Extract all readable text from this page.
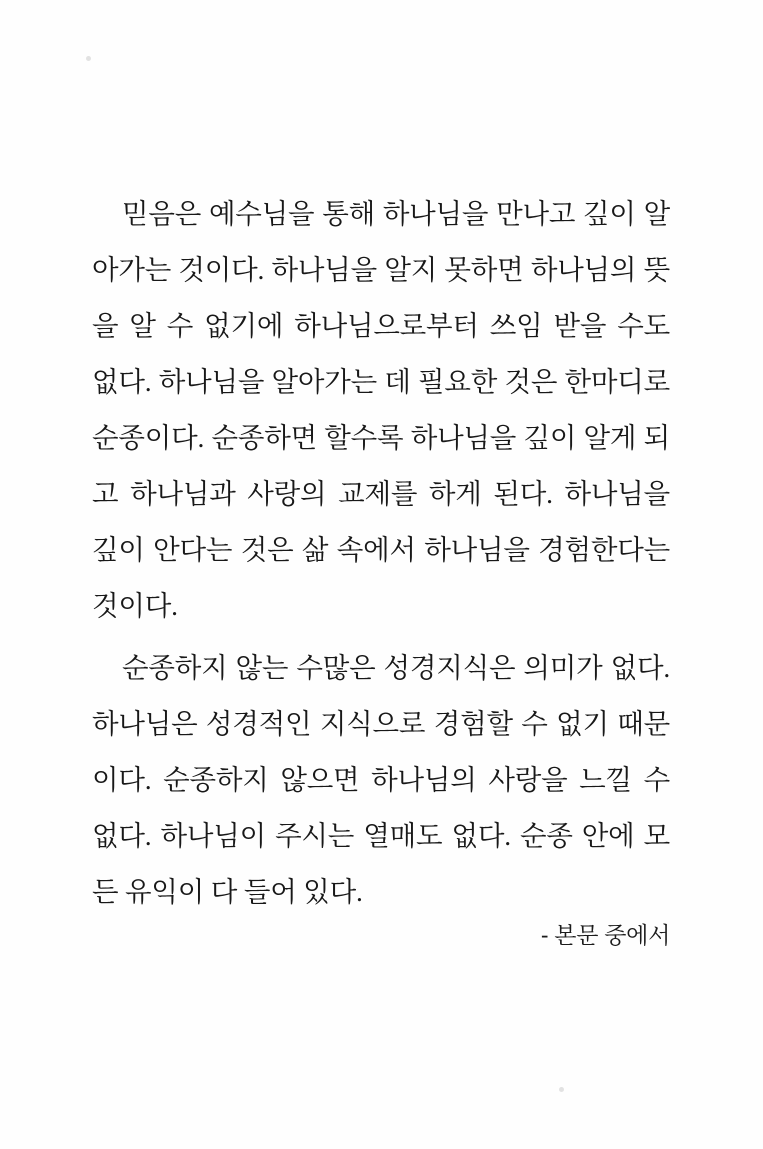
믿음은 예수님을 통해 하나님을 만나고 깊이 알아가는 것이다. 하나님을 알지 못하면 하나님의 뜻을 알 수 없기에 하나님으로부터 쓰임 받을 수도 없다. 하나님을 알아가는 데 필요한 것은 한마디로 순종이다. 순종하면 할수록 하나님을 깊이 알게 되고 하나님과 사랑의 교제를 하게 된다. 하나님을 깊이 안다는 것은 삶 속에서 하나님을 경험한다는 것이다.

순종하지 않는 수많은 성경지식은 의미가 없다. 하나님은 성경적인 지식으로 경험할 수 없기 때문이다. 순종하지 않으면 하나님의 사랑을 느낄 수 없다. 하나님이 주시는 열매도 없다. 순종 안에 모든 유익이 다 들어 있다.

- 본문 중에서
